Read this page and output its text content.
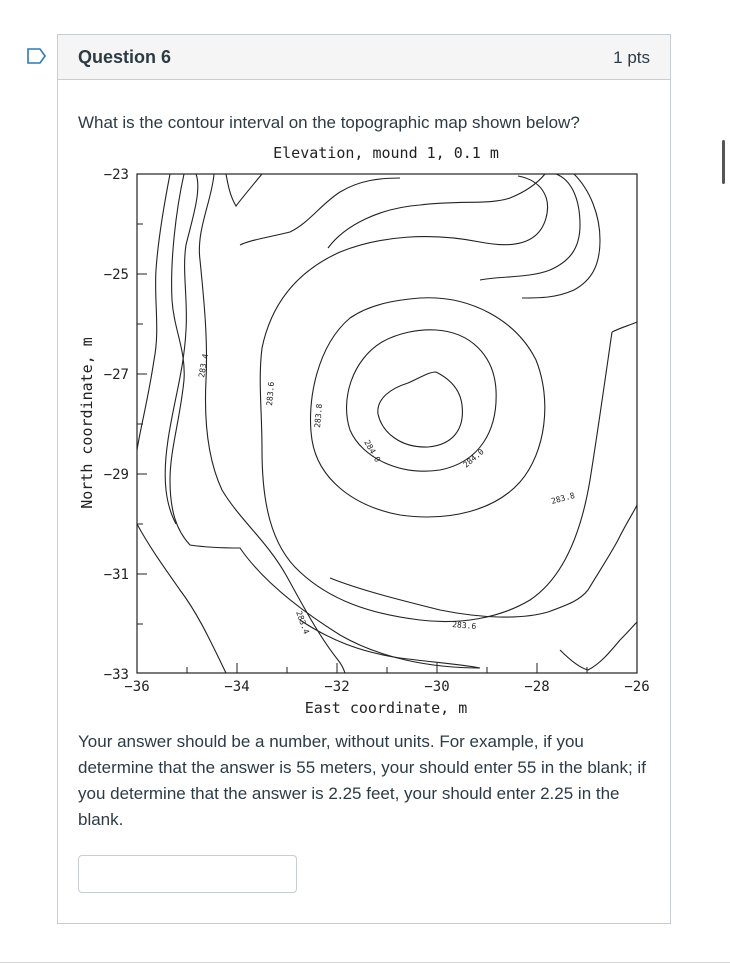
Question 6	1 pts
What is the contour interval on the topographic map shown below?
Your answer should be a number, without units. For example, if you determine that the answer is 55 meters, your should enter 55 in the blank; if you determine that the answer is 2.25 feet, your should enter 2.25 in the blank.
Elevation, mound 1, 0.1 m
North coordinate, m
East coordinate, m
−23
−25
−27
−29
−31
−33
−36	−34	−32	−30	−28	−26
283.4
283.6
283.8
284.0	284.0
283.8
283.6
283.4
